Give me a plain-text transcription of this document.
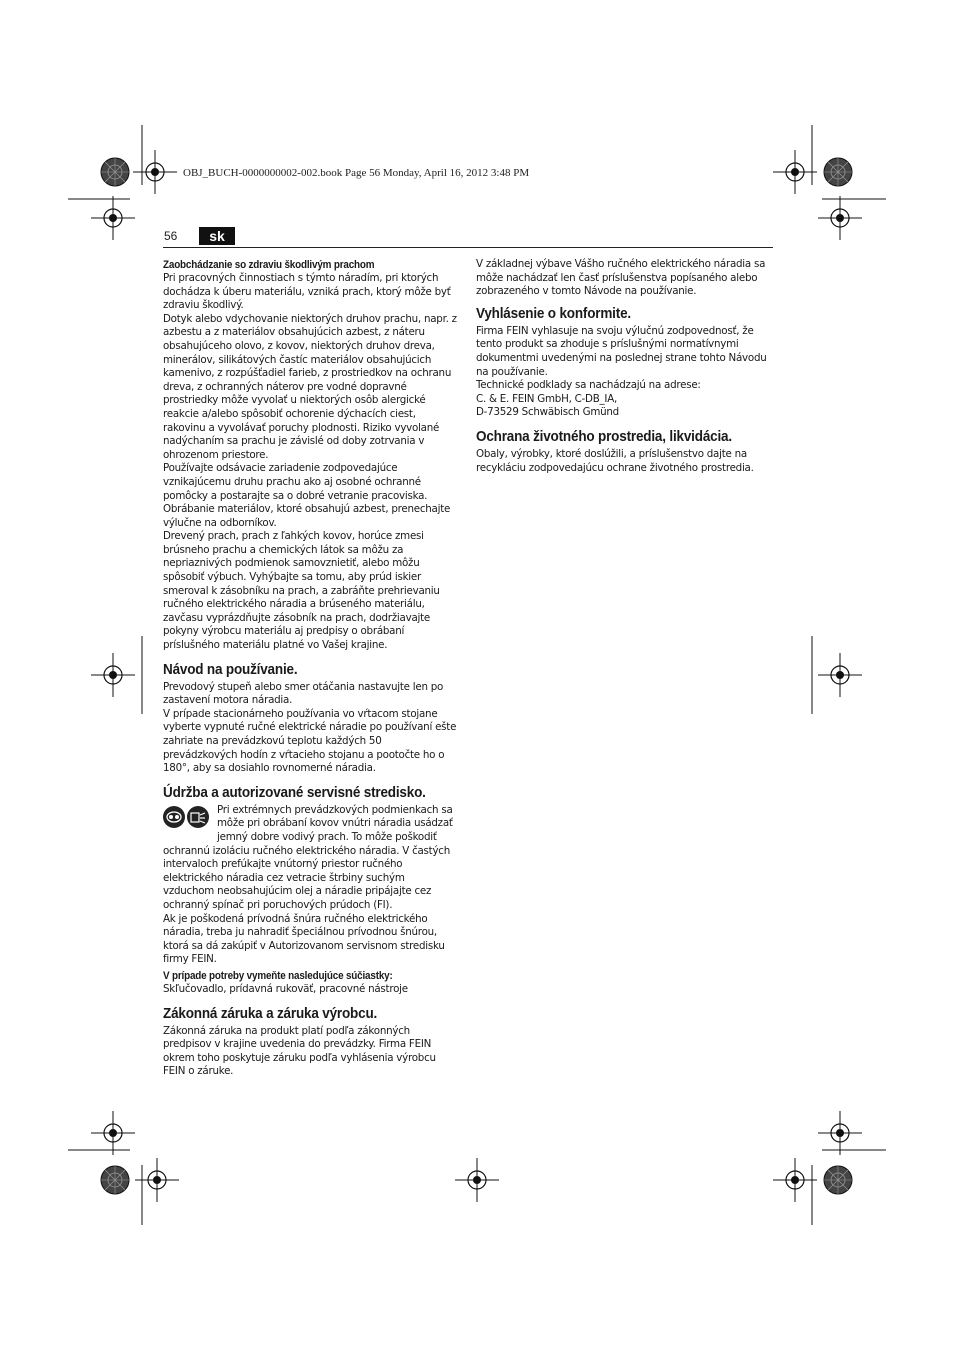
OBJ_BUCH-0000000002-002.book Page 56 Monday, April 16, 2012 3:48 PM
56	sk

Zaobchádzanie so zdraviu škodlivým prachom

Pri pracovných činnostiach s týmto náradím, pri ktorých dochádza k úberu materiálu, vzniká prach, ktorý môže byť zdraviu škodlivý.

Dotyk alebo vdychovanie niektorých druhov prachu, napr. z azbestu a z materiálov obsahujúcich azbest, z náteru obsahujúceho olovo, z kovov, niektorých druhov dreva, minerálov, silikátových častíc materiálov obsahujúcich kamenivo, z rozpúšťadiel farieb, z prostriedkov na ochranu dreva, z ochranných náterov pre vodné dopravné prostriedky môže vyvolať u niektorých osôb alergické reakcie a/alebo spôsobiť ochorenie dýchacích ciest, rakovinu a vyvolávať poruchy plodnosti. Riziko vyvolané nadýchaním sa prachu je závislé od doby zotrvania v ohrozenom priestore.

Používajte odsávacie zariadenie zodpovedajúce vznikajúcemu druhu prachu ako aj osobné ochranné pomôcky a postarajte sa o dobré vetranie pracoviska.

Obrábanie materiálov, ktoré obsahujú azbest, prenechajte výlučne na odborníkov.

Drevený prach, prach z ľahkých kovov, horúce zmesi brúsneho prachu a chemických látok sa môžu za nepriaznivých podmienok samovznietiť, alebo môžu spôsobiť výbuch. Vyhýbajte sa tomu, aby prúd iskier smeroval k zásobníku na prach, a zabráňte prehrievaniu ručného elektrického náradia a brúseného materiálu, zavčasu vyprázdňujte zásobník na prach, dodržiavajte pokyny výrobcu materiálu aj predpisy o obrábaní príslušného materiálu platné vo Vašej krajine.

Návod na používanie.

Prevodový stupeň alebo smer otáčania nastavujte len po zastavení motora náradia.

V prípade stacionárneho používania vo vŕtacom stojane vyberte vypnuté ručné elektrické náradie po používaní ešte zahriate na prevádzkovú teplotu každých 50 prevádzkových hodín z vŕtacieho stojanu a pootočte ho o 180°, aby sa dosiahlo rovnomerné náradia.

Údržba a autorizované servisné stredisko.

Pri extrémnych prevádzkových podmienkach sa môže pri obrábaní kovov vnútri náradia usádzať jemný dobre vodivý prach. To môže poškodiť ochrannú izoláciu ručného elektrického náradia. V častých intervaloch prefúkajte vnútorný priestor ručného elektrického náradia cez vetracie štrbiny suchým vzduchom neobsahujúcim olej a náradie pripájajte cez ochranný spínač pri poruchových prúdoch (FI).

Ak je poškodená prívodná šnúra ručného elektrického náradia, treba ju nahradiť špeciálnou prívodnou šnúrou, ktorá sa dá zakúpiť v Autorizovanom servisnom stredisku firmy FEIN.

V prípade potreby vymeňte nasledujúce súčiastky:

Skľučovadlo, prídavná rukoväť, pracovné nástroje

Zákonná záruka a záruka výrobcu.

Zákonná záruka na produkt platí podľa zákonných predpisov v krajine uvedenia do prevádzky. Firma FEIN okrem toho poskytuje záruku podľa vyhlásenia výrobcu FEIN o záruke.

V základnej výbave Vášho ručného elektrického náradia sa môže nachádzať len časť príslušenstva popísaného alebo zobrazeného v tomto Návode na používanie.

Vyhlásenie o konformite.

Firma FEIN vyhlasuje na svoju výlučnú zodpovednosť, že tento produkt sa zhoduje s príslušnými normatívnymi dokumentmi uvedenými na poslednej strane tohto Návodu na používanie.

Technické podklady sa nachádzajú na adrese:

C. & E. FEIN GmbH, C-DB_IA,

D-73529 Schwäbisch Gmünd

Ochrana životného prostredia, likvidácia.

Obaly, výrobky, ktoré doslúžili, a príslušenstvo dajte na recykláciu zodpovedajúcu ochrane životného prostredia.
